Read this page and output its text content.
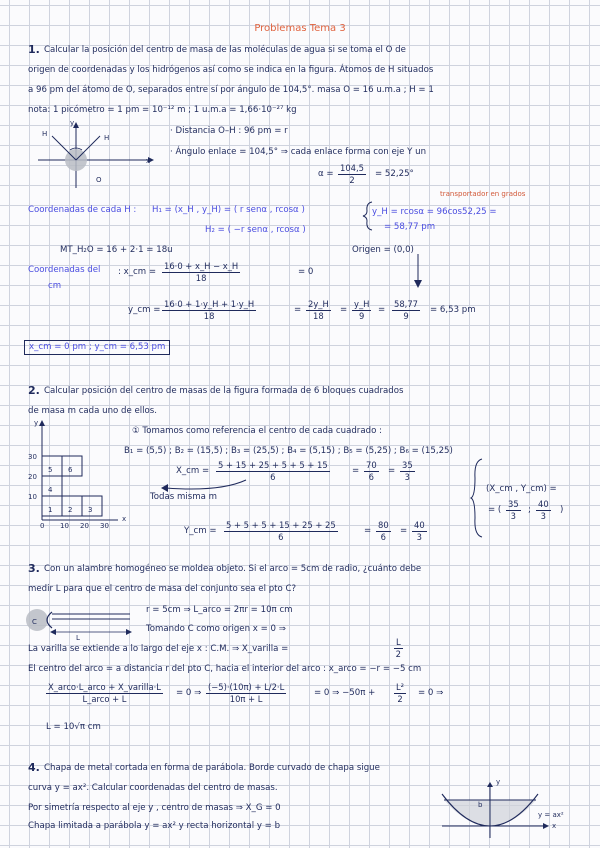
Problemas Tema 3
1. Calcular la posición del centro de masa de las moléculas de agua si se toma el O de
origen de coordenadas y los hidrógenos así como se indica en la figura. Átomos de H situados
a 96 pm del átomo de O, separados entre sí por ángulo de 104,5°. masa O = 16 u.m.a ; H = 1
nota: 1 picómetro = 1 pm = 10⁻¹² m ; 1 u.m.a = 1,66·10⁻²⁷ kg
H	H
O
x
y
· Distancia O–H : 96 pm = r
· Ángulo enlace = 104,5° ⇒ cada enlace forma con eje Y un
$\alpha = \frac{104,5}{2} = 52,25^\circ$
Coordenadas de cada H : H₁ = (x_H , y_H) = ( r senα , rcosα )
H₂ = ( −r senα , rcosα )
y_H = rcosα = 96cos52,25 =
= 58,77 pm
transportador en grados
MT_H₂O = 16 + 2·1 = 18u	Origen = (0,0)
Coordenadas del
cm
: x_cm = $\frac{16\cdot 0 + x\_H - x\_H}{18}$	= 0
y_cm = $\frac{16\cdot 0 + 1\cdot y\_H + 1\cdot y\_H}{18}$	= $\frac{2y\_H}{18} = \frac{y\_H}{9} = \frac{58,77}{9} = 6,53$ pm
x_cm = 0 pm ; y_cm = 6,53 pm
2. Calcular posición del centro de masas de la figura formada de 6 bloques cuadrados
de masa m cada uno de ellos.
1 2 3
4
5 6
y
x
30
20
10
0 10 20 30
① Tomamos como referencia el centro de cada cuadrado :
B₁ = (5,5) ; B₂ = (15,5) ; B₃ = (25,5) ; B₄ = (5,15) ; B₅ = (5,25) ; B₆ = (15,25)
X_cm = $\frac{5 + 15 + 25 + 5 + 5 + 15}{6}$	= $\frac{70}{6} = \frac{35}{3}$
Todas misma m
Y_cm = $\frac{5 + 5 + 5 + 15 + 25 + 25}{6}$	= $\frac{80}{6} = \frac{40}{3}$
(X_cm , Y_cm) =
= ( $\frac{35}{3}$ ; $\frac{40}{3}$ )
3. Con un alambre homogéneo se moldea objeto. Si el arco = 5cm de radio, ¿cuánto debe
medir L para que el centro de masa del conjunto sea el pto C?
C
L
r = 5cm ⇒ L_arco = 2πr = 10π cm
Tomando C como origen x = 0 ⇒
La varilla se extiende a lo largo del eje x : C.M. ⇒ X_varilla =	$\frac{L}{2}$
El centro del arco = a distancia r del pto C, hacia el interior del arco : x_arco = −r = −5 cm
X_arco·L_arco + X_varilla·L
L_arco + L
= 0 ⇒ $\frac{(-5)\cdot(10\pi) + L/2\cdot L}{10\pi + L}$	= 0 ⇒ $-50\pi + \frac{\text{L²}}{2} = 0$ ⇒
L = 10√π cm
4. Chapa de metal cortada en forma de parábola. Borde curvado de chapa sigue
curva y = ax². Calcular coordenadas del centro de masas.
Por simetría respecto al eje y , centro de masas ⇒ X_G = 0
Chapa limitada a parábola y = ax² y recta horizontal y = b
b
y = ax²
x
y
